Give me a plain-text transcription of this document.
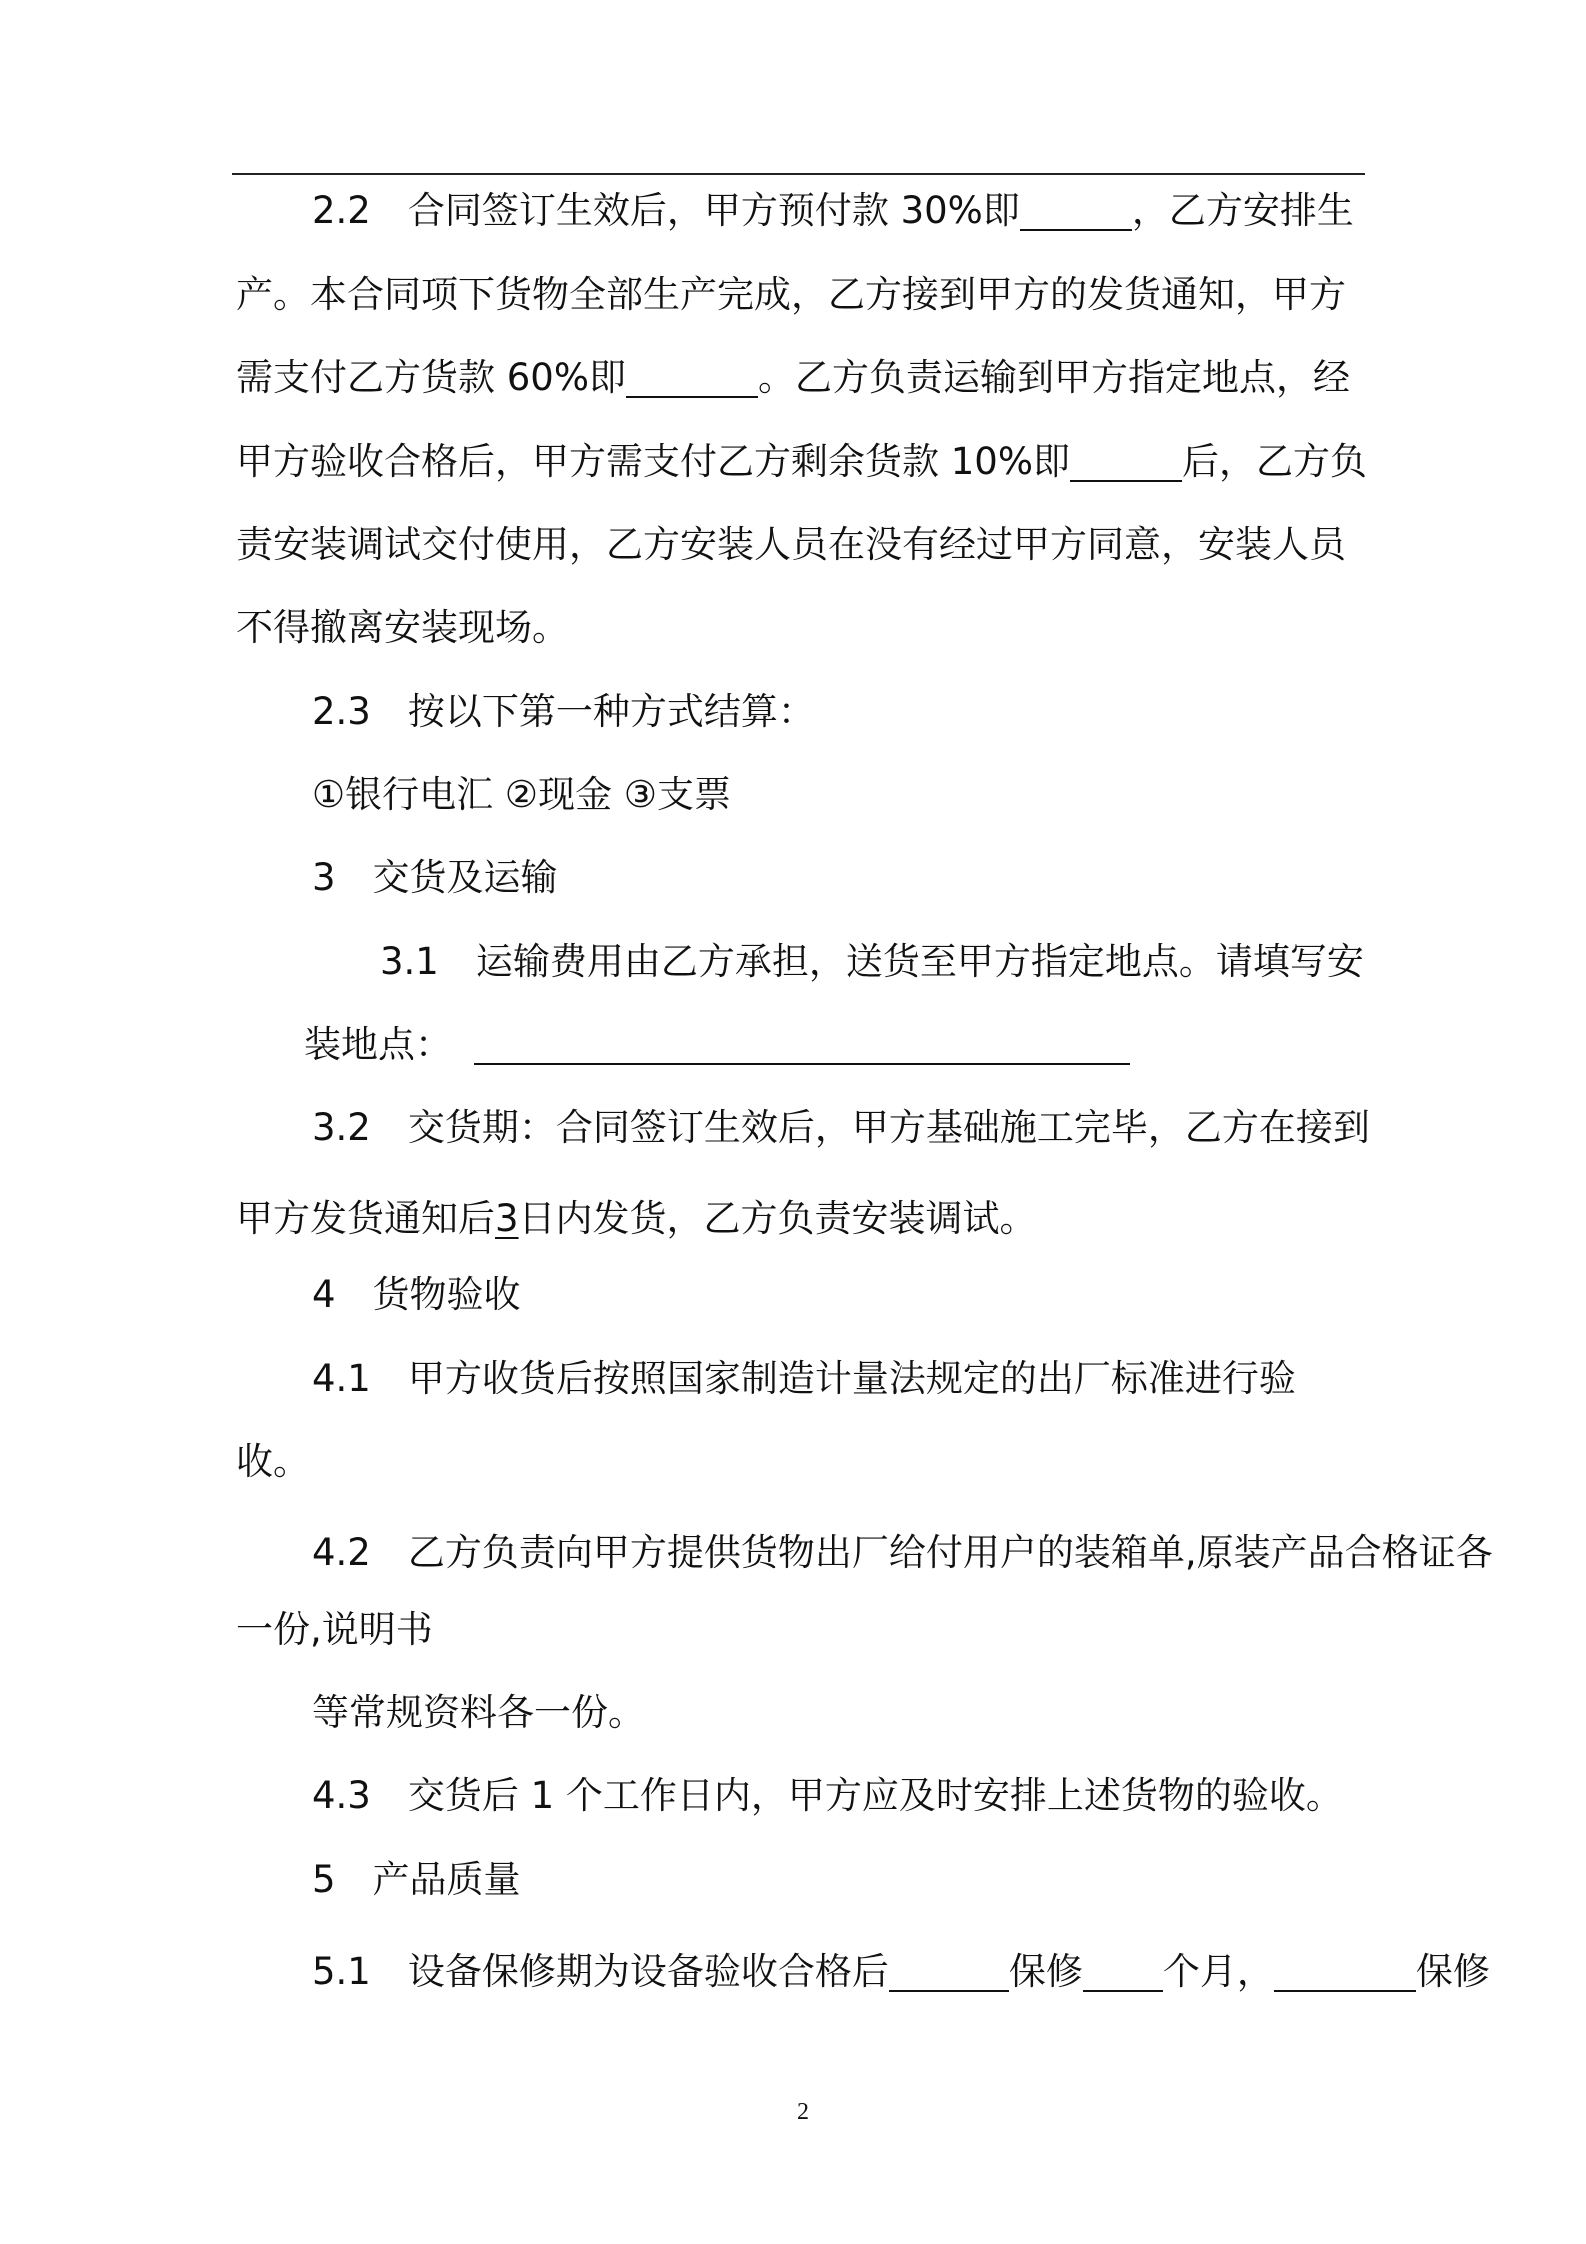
2.2　合同签订生效后，甲方预付款 30%即	，乙方安排生
产。本合同项下货物全部生产完成，乙方接到甲方的发货通知，甲方
需支付乙方货款 60%即	。乙方负责运输到甲方指定地点，经
甲方验收合格后，甲方需支付乙方剩余货款 10%即	后，乙方负
责安装调试交付使用，乙方安装人员在没有经过甲方同意，安装人员
不得撤离安装现场。
2.3　按以下第一种方式结算：
①银行电汇 ②现金 ③支票
3　交货及运输
3.1　运输费用由乙方承担，送货至甲方指定地点。请填写安
装地点：
3.2　交货期：合同签订生效后，甲方基础施工完毕，乙方在接到
甲方发货通知后3日内发货，乙方负责安装调试。
4　货物验收
4.1　甲方收货后按照国家制造计量法规定的出厂标准进行验
收。
4.2　乙方负责向甲方提供货物出厂给付用户的装箱单,原装产品合格证各
一份,说明书
等常规资料各一份。
4.3　交货后 1 个工作日内，甲方应及时安排上述货物的验收。
5　产品质量
5.1　设备保修期为设备验收合格后	保修 个月，	保修
2
